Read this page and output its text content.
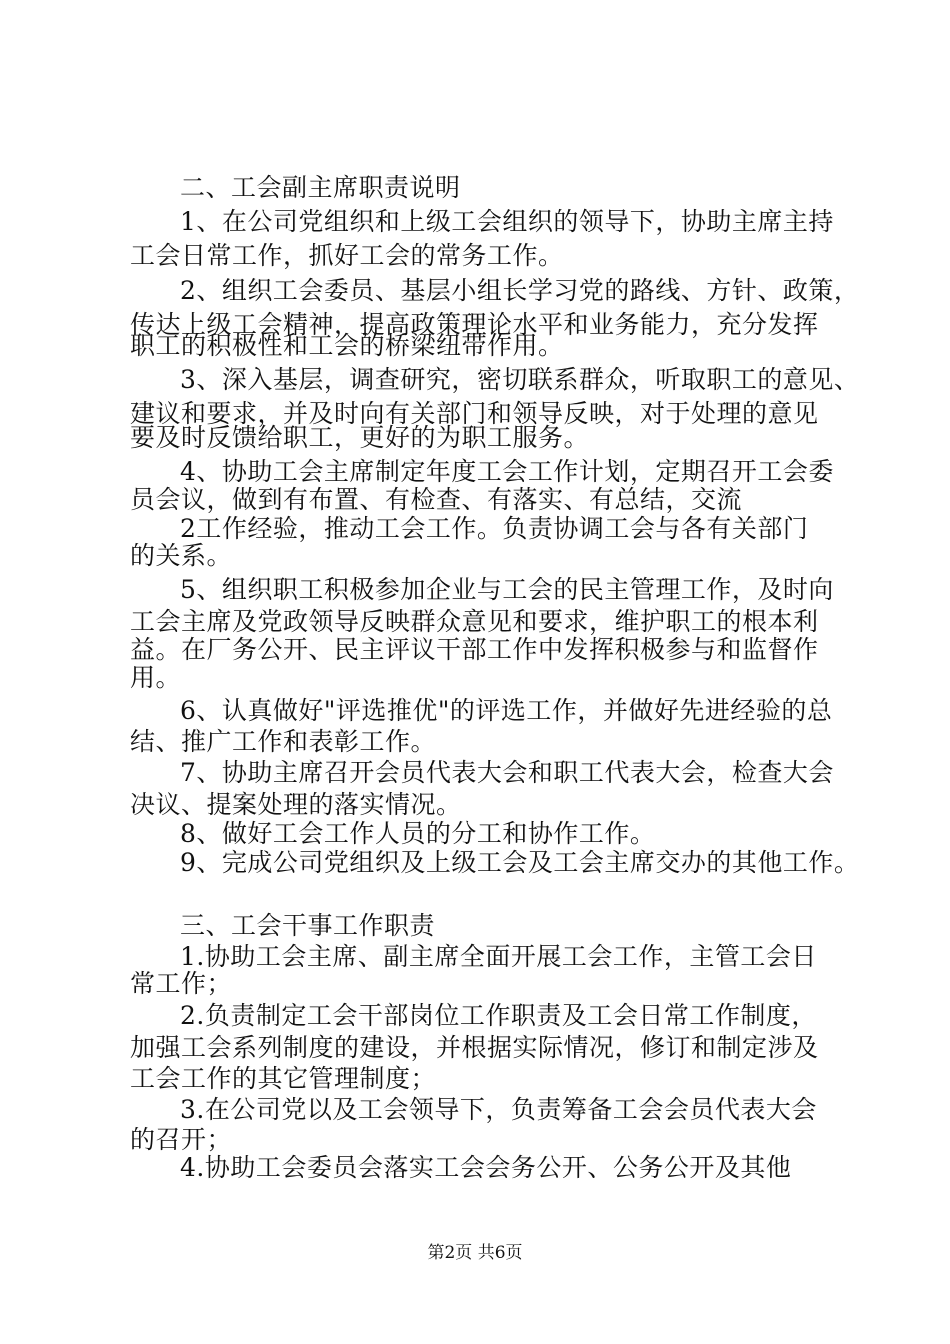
二、工会副主席职责说明
1、在公司党组织和上级工会组织的领导下，协助主席主持
工会日常工作，抓好工会的常务工作。
2、组织工会委员、基层小组长学习党的路线、方针、政策，
传达上级工会精神，提高政策理论水平和业务能力，充分发挥
职工的积极性和工会的桥梁纽带作用。
3、深入基层，调查研究，密切联系群众，听取职工的意见、
建议和要求，并及时向有关部门和领导反映，对于处理的意见
要及时反馈给职工，更好的为职工服务。
4、协助工会主席制定年度工会工作计划，定期召开工会委
员会议，做到有布置、有检查、有落实、有总结，交流
2工作经验，推动工会工作。负责协调工会与各有关部门
的关系。
5、组织职工积极参加企业与工会的民主管理工作，及时向
工会主席及党政领导反映群众意见和要求，维护职工的根本利
益。在厂务公开、民主评议干部工作中发挥积极参与和监督作
用。
6、认真做好"评选推优"的评选工作，并做好先进经验的总
结、推广工作和表彰工作。
7、协助主席召开会员代表大会和职工代表大会，检查大会
决议、提案处理的落实情况。
8、做好工会工作人员的分工和协作工作。
9、完成公司党组织及上级工会及工会主席交办的其他工作。
三、工会干事工作职责
1.协助工会主席、副主席全面开展工会工作，主管工会日
常工作；
2.负责制定工会干部岗位工作职责及工会日常工作制度，
加强工会系列制度的建设，并根据实际情况，修订和制定涉及
工会工作的其它管理制度；
3.在公司党以及工会领导下，负责筹备工会会员代表大会
的召开；
4.协助工会委员会落实工会会务公开、公务公开及其他
第2页 共6页
